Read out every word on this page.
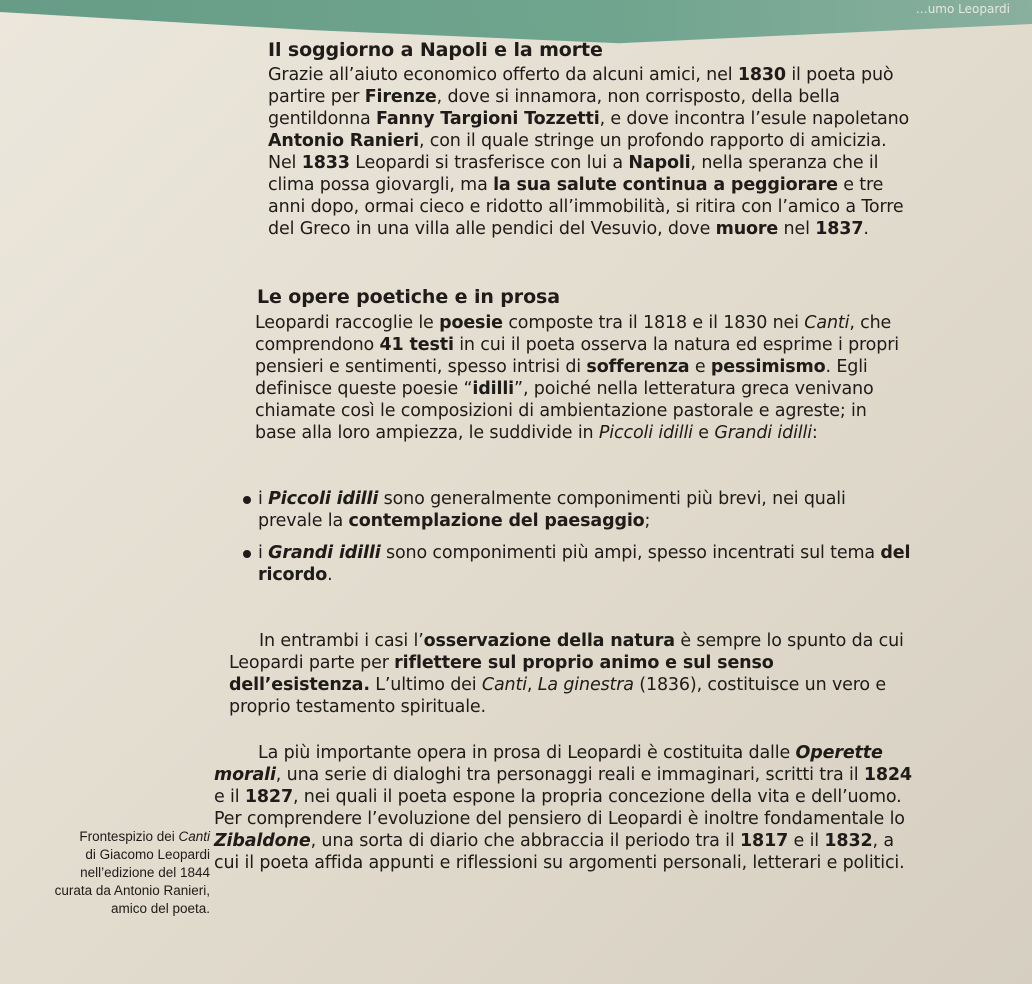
…umo Leopardi
Il soggiorno a Napoli e la morte

Grazie all’aiuto economico offerto da alcuni amici, nel 1830 il poeta può partire per Firenze, dove si innamora, non corrisposto, della bella gentildonna Fanny Targioni Tozzetti, e dove incontra l’esule napoletano Antonio Ranieri, con il quale stringe un profondo rapporto di amicizia. Nel 1833 Leopardi si trasferisce con lui a Napoli, nella speranza che il clima possa giovargli, ma la sua salute continua a peggiorare e tre anni dopo, ormai cieco e ridotto all’immobilità, si ritira con l’amico a Torre del Greco in una villa alle pendici del Vesuvio, dove muore nel 1837.

Le opere poetiche e in prosa

Leopardi raccoglie le poesie composte tra il 1818 e il 1830 nei Canti, che comprendono 41 testi in cui il poeta osserva la natura ed esprime i propri pensieri e sentimenti, spesso intrisi di sofferenza e pessimismo. Egli definisce queste poesie “idilli”, poiché nella letteratura greca venivano chiamate così le composizioni di ambientazione pastorale e agreste; in base alla loro ampiezza, le suddivide in Piccoli idilli e Grandi idilli:

i Piccoli idilli sono generalmente componimenti più brevi, nei quali prevale la contemplazione del paesaggio;
i Grandi idilli sono componimenti più ampi, spesso incentrati sul tema del ricordo.

In entrambi i casi l’osservazione della natura è sempre lo spunto da cui Leopardi parte per riflettere sul proprio animo e sul senso dell’esistenza. L’ultimo dei Canti, La ginestra (1836), costituisce un vero e proprio testamento spirituale.

La più importante opera in prosa di Leopardi è costituita dalle Operette morali, una serie di dialoghi tra personaggi reali e immaginari, scritti tra il 1824 e il 1827, nei quali il poeta espone la propria concezione della vita e dell’uomo. Per comprendere l’evoluzione del pensiero di Leopardi è inoltre fondamentale lo Zibaldone, una sorta di diario che abbraccia il periodo tra il 1817 e il 1832, a cui il poeta affida appunti e riflessioni su argomenti personali, letterari e politici.

Frontespizio dei Canti

di Giacomo Leopardi

nell’edizione del 1844

curata da Antonio Ranieri,

amico del poeta.
